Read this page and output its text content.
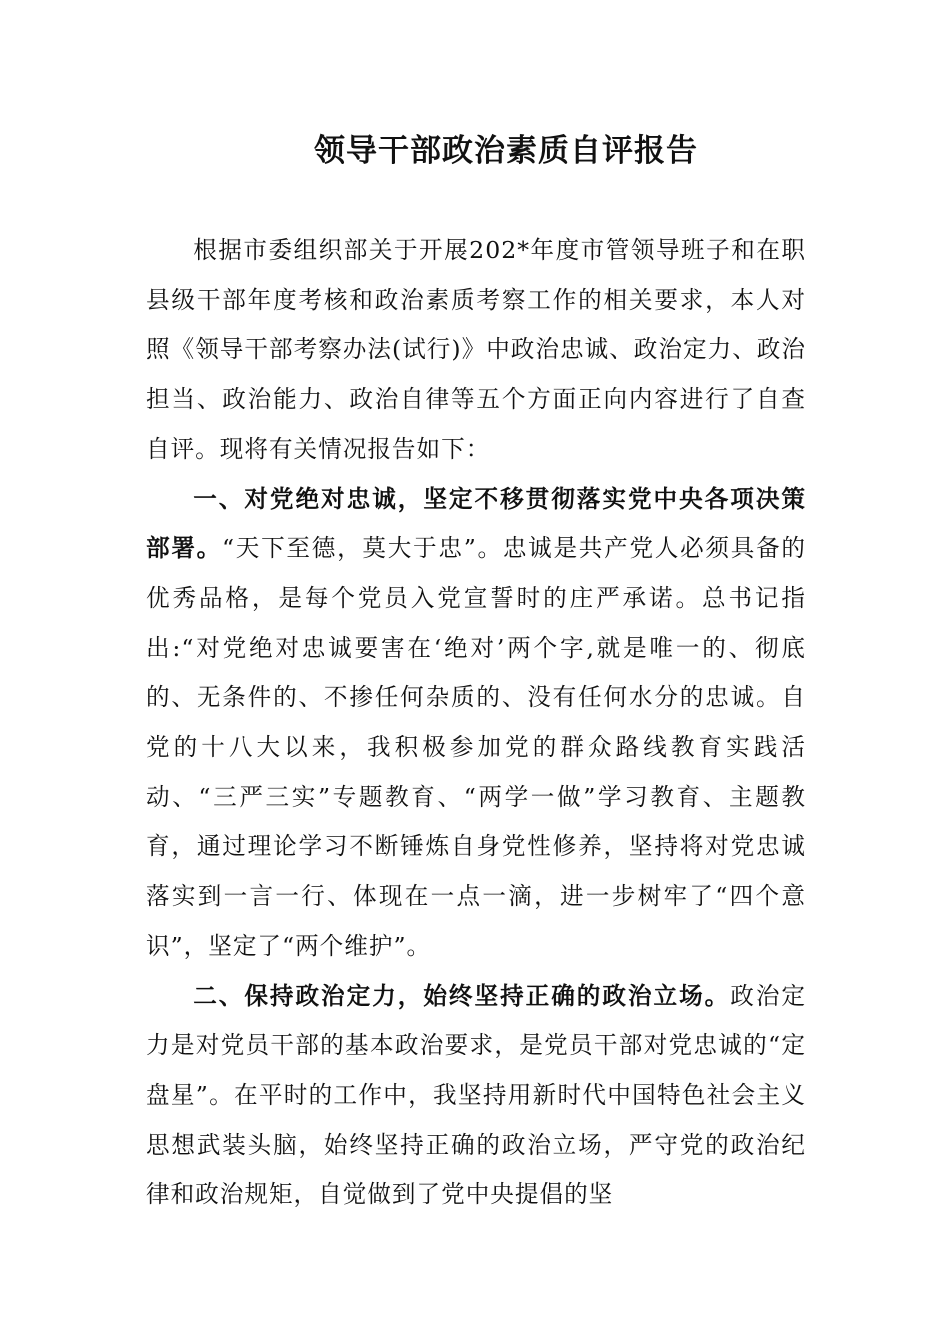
领导干部政治素质自评报告

根据市委组织部关于开展202*年度市管领导班子和在职县级干部年度考核和政治素质考察工作的相关要求，本人对照《领导干部考察办法(试行)》中政治忠诚、政治定力、政治担当、政治能力、政治自律等五个方面正向内容进行了自查自评。现将有关情况报告如下：

一、对党绝对忠诚，坚定不移贯彻落实党中央各项决策部署。“天下至德，莫大于忠”。忠诚是共产党人必须具备的优秀品格，是每个党员入党宣誓时的庄严承诺。总书记指出:“对党绝对忠诚要害在‘绝对’两个字,就是唯一的、彻底的、无条件的、不掺任何杂质的、没有任何水分的忠诚。自党的十八大以来，我积极参加党的群众路线教育实践活动、“三严三实”专题教育、“两学一做”学习教育、主题教育，通过理论学习不断锤炼自身党性修养，坚持将对党忠诚落实到一言一行、体现在一点一滴，进一步树牢了“四个意识”，坚定了“两个维护”。

二、保持政治定力，始终坚持正确的政治立场。政治定力是对党员干部的基本政治要求，是党员干部对党忠诚的“定盘星”。在平时的工作中，我坚持用新时代中国特色社会主义思想武装头脑，始终坚持正确的政治立场，严守党的政治纪律和政治规矩，自觉做到了党中央提倡的坚
